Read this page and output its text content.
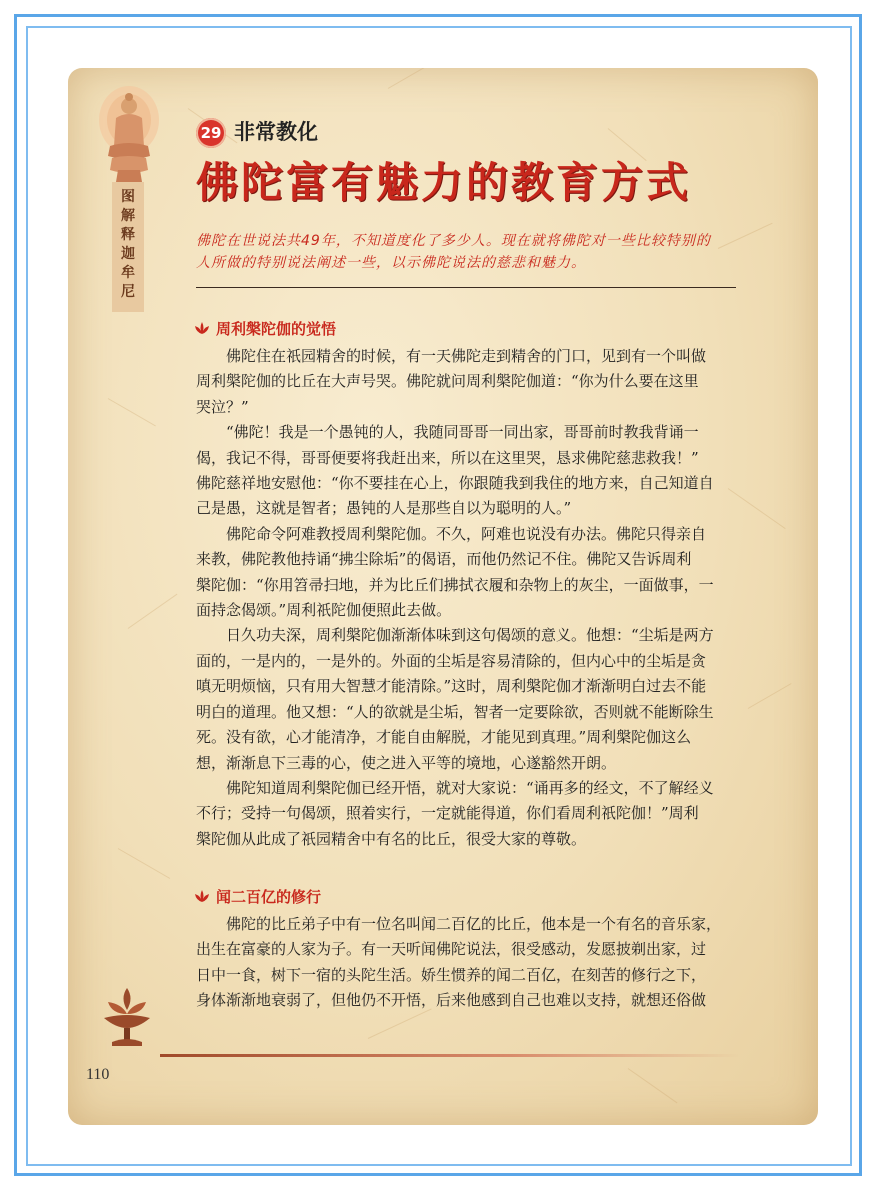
图
解
释
迦
牟
尼
29 非常教化
佛陀富有魅力的教育方式
佛陀在世说法共49年，不知道度化了多少人。现在就将佛陀对一些比较特别的
人所做的特别说法阐述一些，以示佛陀说法的慈悲和魅力。
周利槃陀伽的觉悟
　　佛陀住在祇园精舍的时候，有一天佛陀走到精舍的门口，见到有一个叫做
周利槃陀伽的比丘在大声号哭。佛陀就问周利槃陀伽道：“你为什么要在这里
哭泣？”
　　“佛陀！我是一个愚钝的人，我随同哥哥一同出家，哥哥前时教我背诵一
偈，我记不得，哥哥便要将我赶出来，所以在这里哭，恳求佛陀慈悲救我！”
佛陀慈祥地安慰他：“你不要挂在心上，你跟随我到我住的地方来，自己知道自
己是愚，这就是智者；愚钝的人是那些自以为聪明的人。”
　　佛陀命令阿难教授周利槃陀伽。不久，阿难也说没有办法。佛陀只得亲自
来教，佛陀教他持诵“拂尘除垢”的偈语，而他仍然记不住。佛陀又告诉周利
槃陀伽：“你用笤帚扫地，并为比丘们拂拭衣履和杂物上的灰尘，一面做事，一
面持念偈颂。”周利祇陀伽便照此去做。
　　日久功夫深，周利槃陀伽渐渐体味到这句偈颂的意义。他想：“尘垢是两方
面的，一是内的，一是外的。外面的尘垢是容易清除的，但内心中的尘垢是贪
嗔无明烦恼，只有用大智慧才能清除。”这时，周利槃陀伽才渐渐明白过去不能
明白的道理。他又想：“人的欲就是尘垢，智者一定要除欲，否则就不能断除生
死。没有欲，心才能清净，才能自由解脱，才能见到真理。”周利槃陀伽这么
想，渐渐息下三毒的心，使之进入平等的境地，心遂豁然开朗。
　　佛陀知道周利槃陀伽已经开悟，就对大家说：“诵再多的经文，不了解经义
不行；受持一句偈颂，照着实行，一定就能得道，你们看周利祇陀伽！”周利
槃陀伽从此成了祇园精舍中有名的比丘，很受大家的尊敬。
闻二百亿的修行
　　佛陀的比丘弟子中有一位名叫闻二百亿的比丘，他本是一个有名的音乐家，
出生在富豪的人家为子。有一天听闻佛陀说法，很受感动，发愿披剃出家，过
日中一食，树下一宿的头陀生活。娇生惯养的闻二百亿，在刻苦的修行之下，
身体渐渐地衰弱了，但他仍不开悟，后来他感到自己也难以支持，就想还俗做
110
